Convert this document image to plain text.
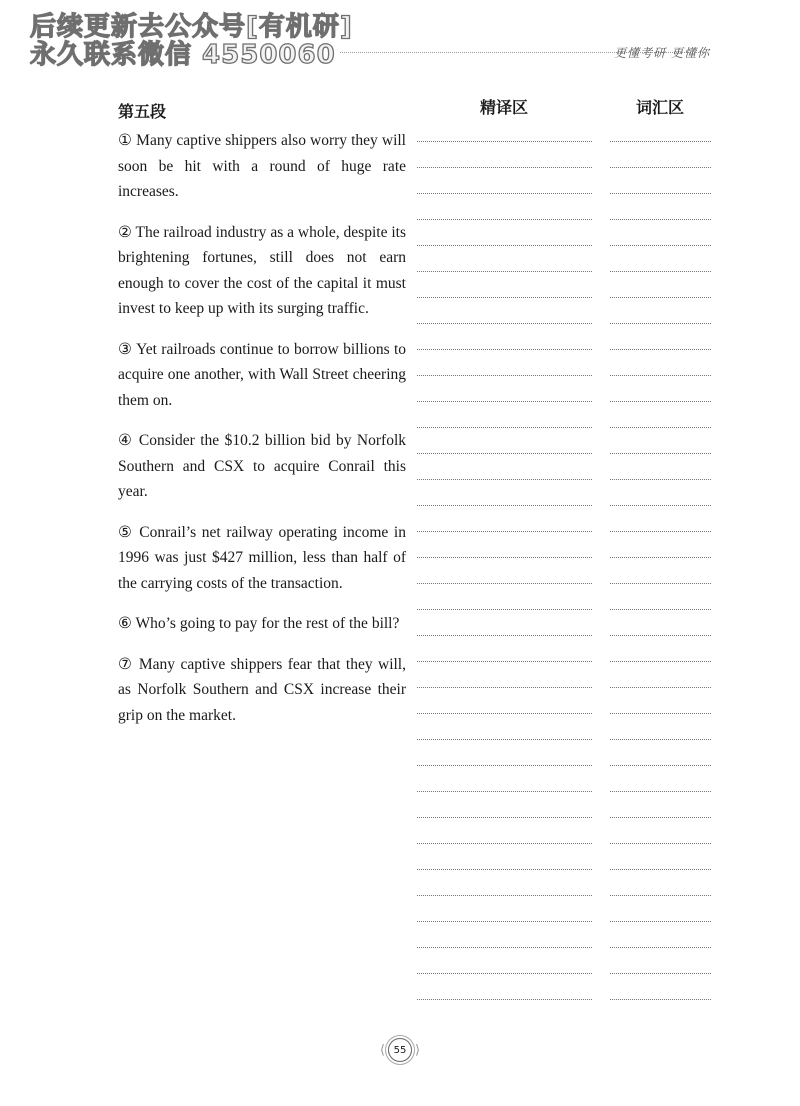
后续更新去公众号[有机研]
永久联系微信 4550060	更懂考研 更懂你
第五段	精译区	词汇区

① Many captive shippers also worry they will soon be hit with a round of huge rate increases.

② The railroad industry as a whole, despite its brightening fortunes, still does not earn enough to cover the cost of the capital it must invest to keep up with its surging traffic.

③ Yet railroads continue to borrow billions to acquire one another, with Wall Street cheering them on.

④ Consider the $10.2 billion bid by Norfolk Southern and CSX to acquire Conrail this year.

⑤ Conrail’s net railway operating income in 1996 was just $427 million, less than half of the carrying costs of the transaction.

⑥ Who’s going to pay for the rest of the bill?

⑦ Many captive shippers fear that they will, as Norfolk Southern and CSX increase their grip on the market.

⟨ 55 ⟩
